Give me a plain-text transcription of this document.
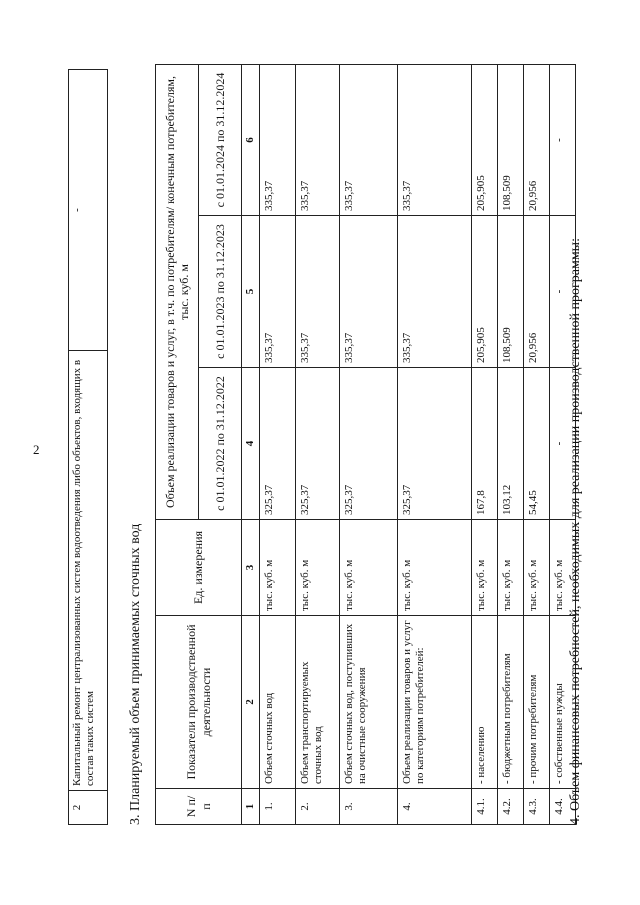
2
2	Капитальный ремонт централизованных систем водоотведения либо объектов, входящих в состав таких систем	-
3. Планируемый объем принимаемых сточных вод	N п/п	Показатели производственной деятельности	Ед. измерения	Объем реализации товаров и услуг, в т.ч. по потребителям/ конечным потребителям, тыс. куб. м		
			с 01.01.2022 по 31.12.2022	с 01.01.2023 по 31.12.2023	с 01.01.2024 по 31.12.2024
1	2	3	4	5	6
1.	Объем сточных вод	тыс. куб. м	325,37	335,37	335,37
2.	Объем транспортируемых сточных вод	тыс. куб. м	325,37	335,37	335,37
3.	Объем сточных вод, поступивших на очистные сооружения	тыс. куб. м	325,37	335,37	335,37
4.	Объем реализации товаров и услуг по категориям потребителей:	тыс. куб. м	325,37	335,37	335,37
4.1.	- населению	тыс. куб. м	167,8	205,905	205,905
4.2.	- бюджетным потребителям	тыс. куб. м	103,12	108,509	108,509
4.3.	- прочим потребителям	тыс. куб. м	54,45	20,956	20,956
4.4.	- собственные нужды	тыс. куб. м	-	-	-
4. Объем финансовых потребностей, необходимых для реализации производственной программы:
